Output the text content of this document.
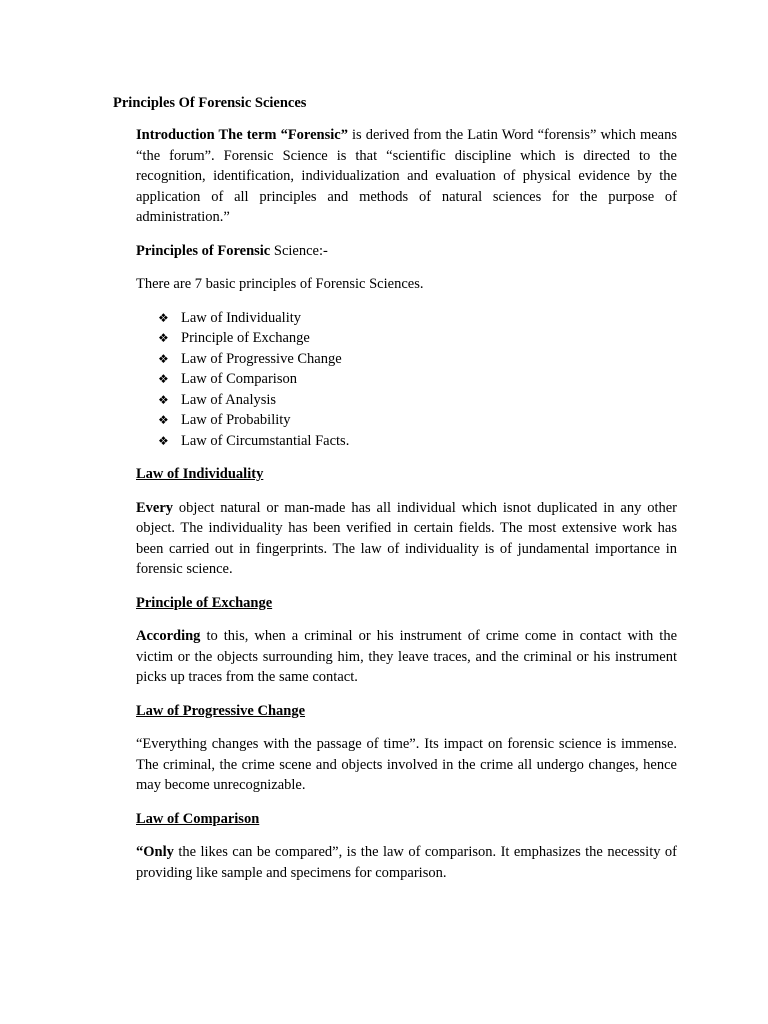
Principles Of Forensic Sciences

Introduction The term “Forensic” is derived from the Latin Word “forensis” which means “the forum”. Forensic Science is that “scientific discipline which is directed to the recognition, identification, individualization and evaluation of physical evidence by the application of all principles and methods of natural sciences for the purpose of administration.”

Principles of Forensic Science:-

There are 7 basic principles of Forensic Sciences.

❖ Law of Individuality
❖ Principle of Exchange
❖ Law of Progressive Change
❖ Law of Comparison
❖ Law of Analysis
❖ Law of Probability
❖ Law of Circumstantial Facts.
Law of Individuality

Every object natural or man-made has all individual which isnot duplicated in any other object. The individuality has been verified in certain fields. The most extensive work has been carried out in fingerprints. The law of individuality is of jundamental importance in forensic science.

Principle of Exchange

According to this, when a criminal or his instrument of crime come in contact with the victim or the objects surrounding him, they leave traces, and the criminal or his instrument picks up traces from the same contact.

Law of Progressive Change

“Everything changes with the passage of time”. Its impact on forensic science is immense. The criminal, the crime scene and objects involved in the crime all undergo changes, hence may become unrecognizable.

Law of Comparison

“Only the likes can be compared”, is the law of comparison. It emphasizes the necessity of providing like sample and specimens for comparison.
